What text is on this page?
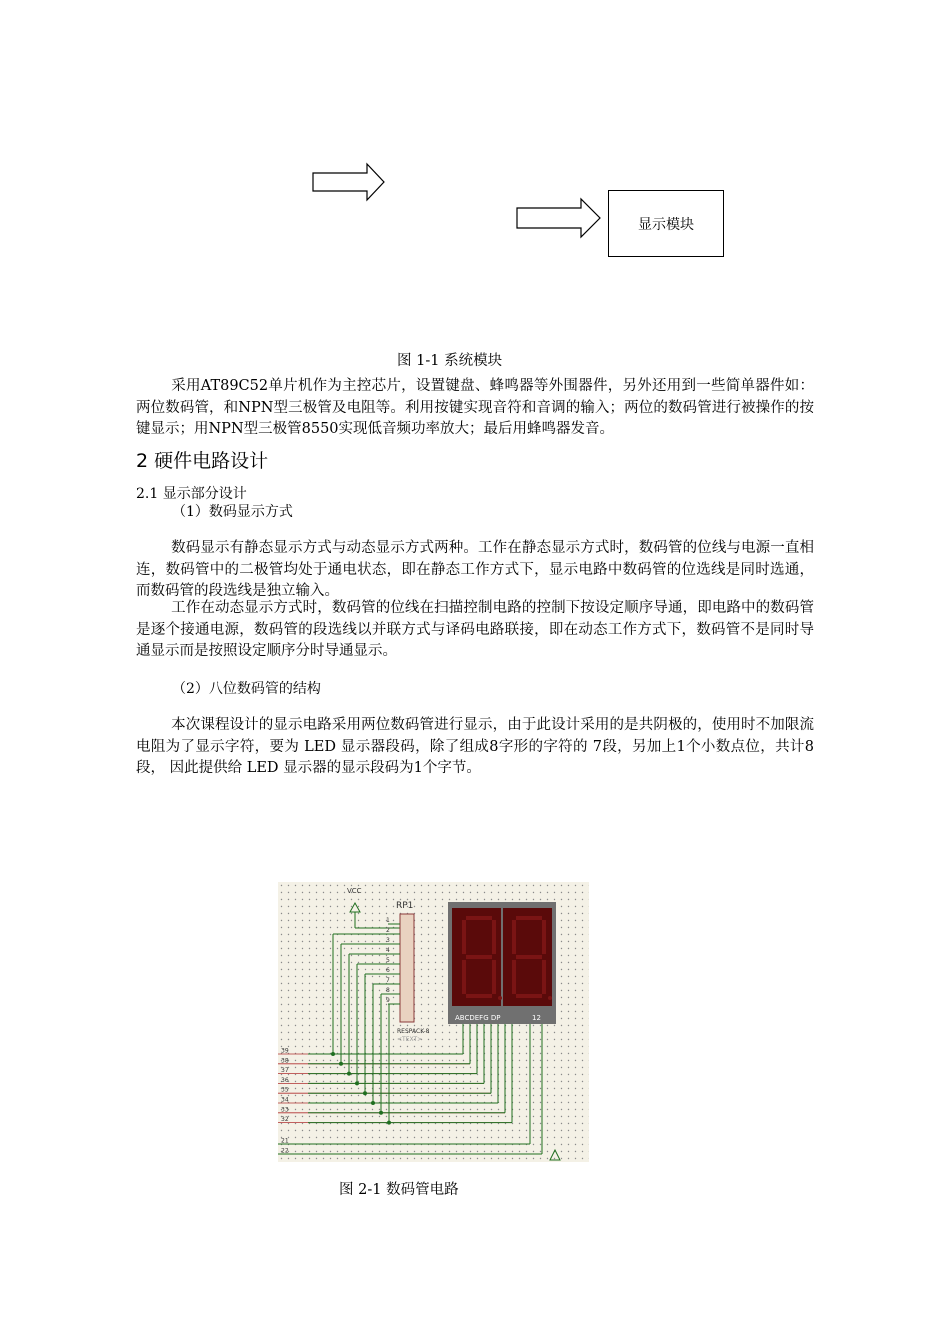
显示模块
图 1-1 系统模块
采用AT89C52单片机作为主控芯片，设置键盘、蜂鸣器等外围器件，另外还用到一些简单器件如：两位数码管，和NPN型三极管及电阻等。利用按键实现音符和音调的输入；两位的数码管进行被操作的按键显示；用NPN型三极管8550实现低音频功率放大；最后用蜂鸣器发音。
2 硬件电路设计
2.1 显示部分设计
（1）数码显示方式
数码显示有静态显示方式与动态显示方式两种。工作在静态显示方式时，数码管的位线与电源一直相连，数码管中的二极管均处于通电状态，即在静态工作方式下，显示电路中数码管的位选线是同时选通，而数码管的段选线是独立输入。
工作在动态显示方式时，数码管的位线在扫描控制电路的控制下按设定顺序导通，即电路中的数码管是逐个接通电源，数码管的段选线以并联方式与译码电路联接，即在动态工作方式下，数码管不是同时导通显示而是按照设定顺序分时导通显示。
（2）八位数码管的结构
本次课程设计的显示电路采用两位数码管进行显示，由于此设计采用的是共阴极的，使用时不加限流电阻为了显示字符，要为 LED 显示器段码，除了组成8字形的字符的 7段，另加上1个小数点位，共计8段， 因此提供给 LED 显示器的显示段码为1个字节。
VCC
RP1
RESPACK-8
<TEXT>
1
2
3
4
5
6
7
8
9
ABCDEFG DP	12
39
38
37
36
35
34
33
32
21
22
图 2-1 数码管电路
